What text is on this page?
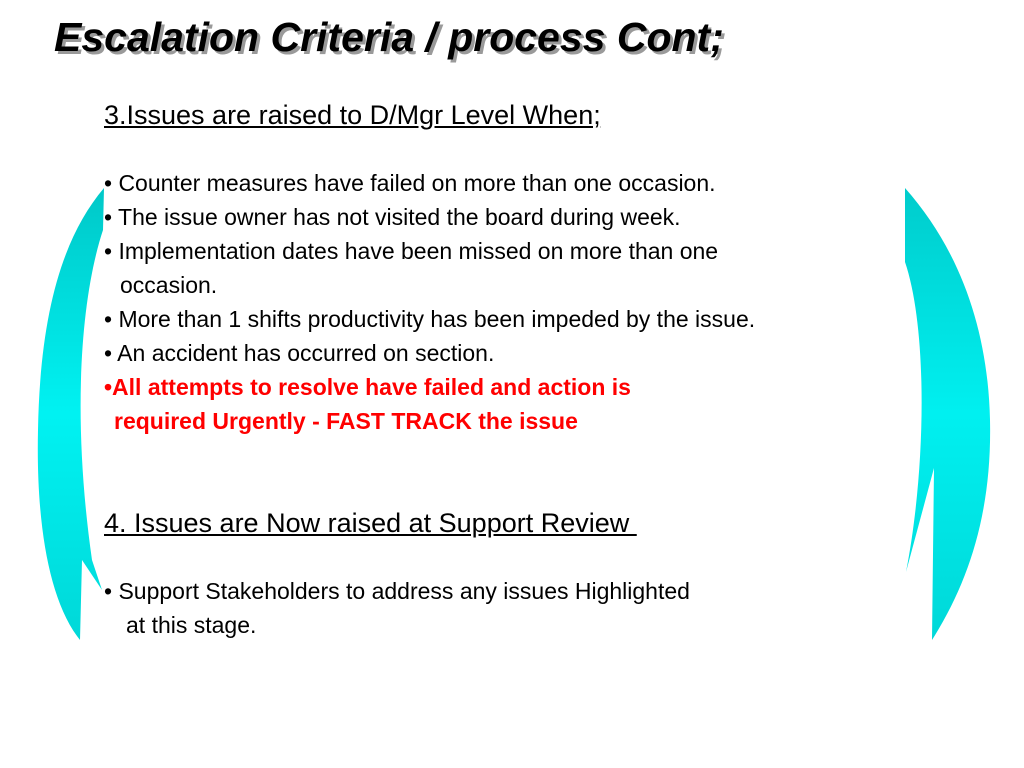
Escalation Criteria / process Cont;
3.Issues are raised to D/Mgr Level When;
• Counter measures have failed on more than one occasion.
• The issue owner has not visited the board during week.
• Implementation dates have been missed on more than one
occasion.
• More than 1 shifts productivity has been impeded by the issue.
• An accident has occurred on section.
•All attempts to resolve have failed and action is
required Urgently - FAST TRACK the issue
4. Issues are Now raised at Support Review
• Support Stakeholders to address any issues Highlighted
at this stage.
